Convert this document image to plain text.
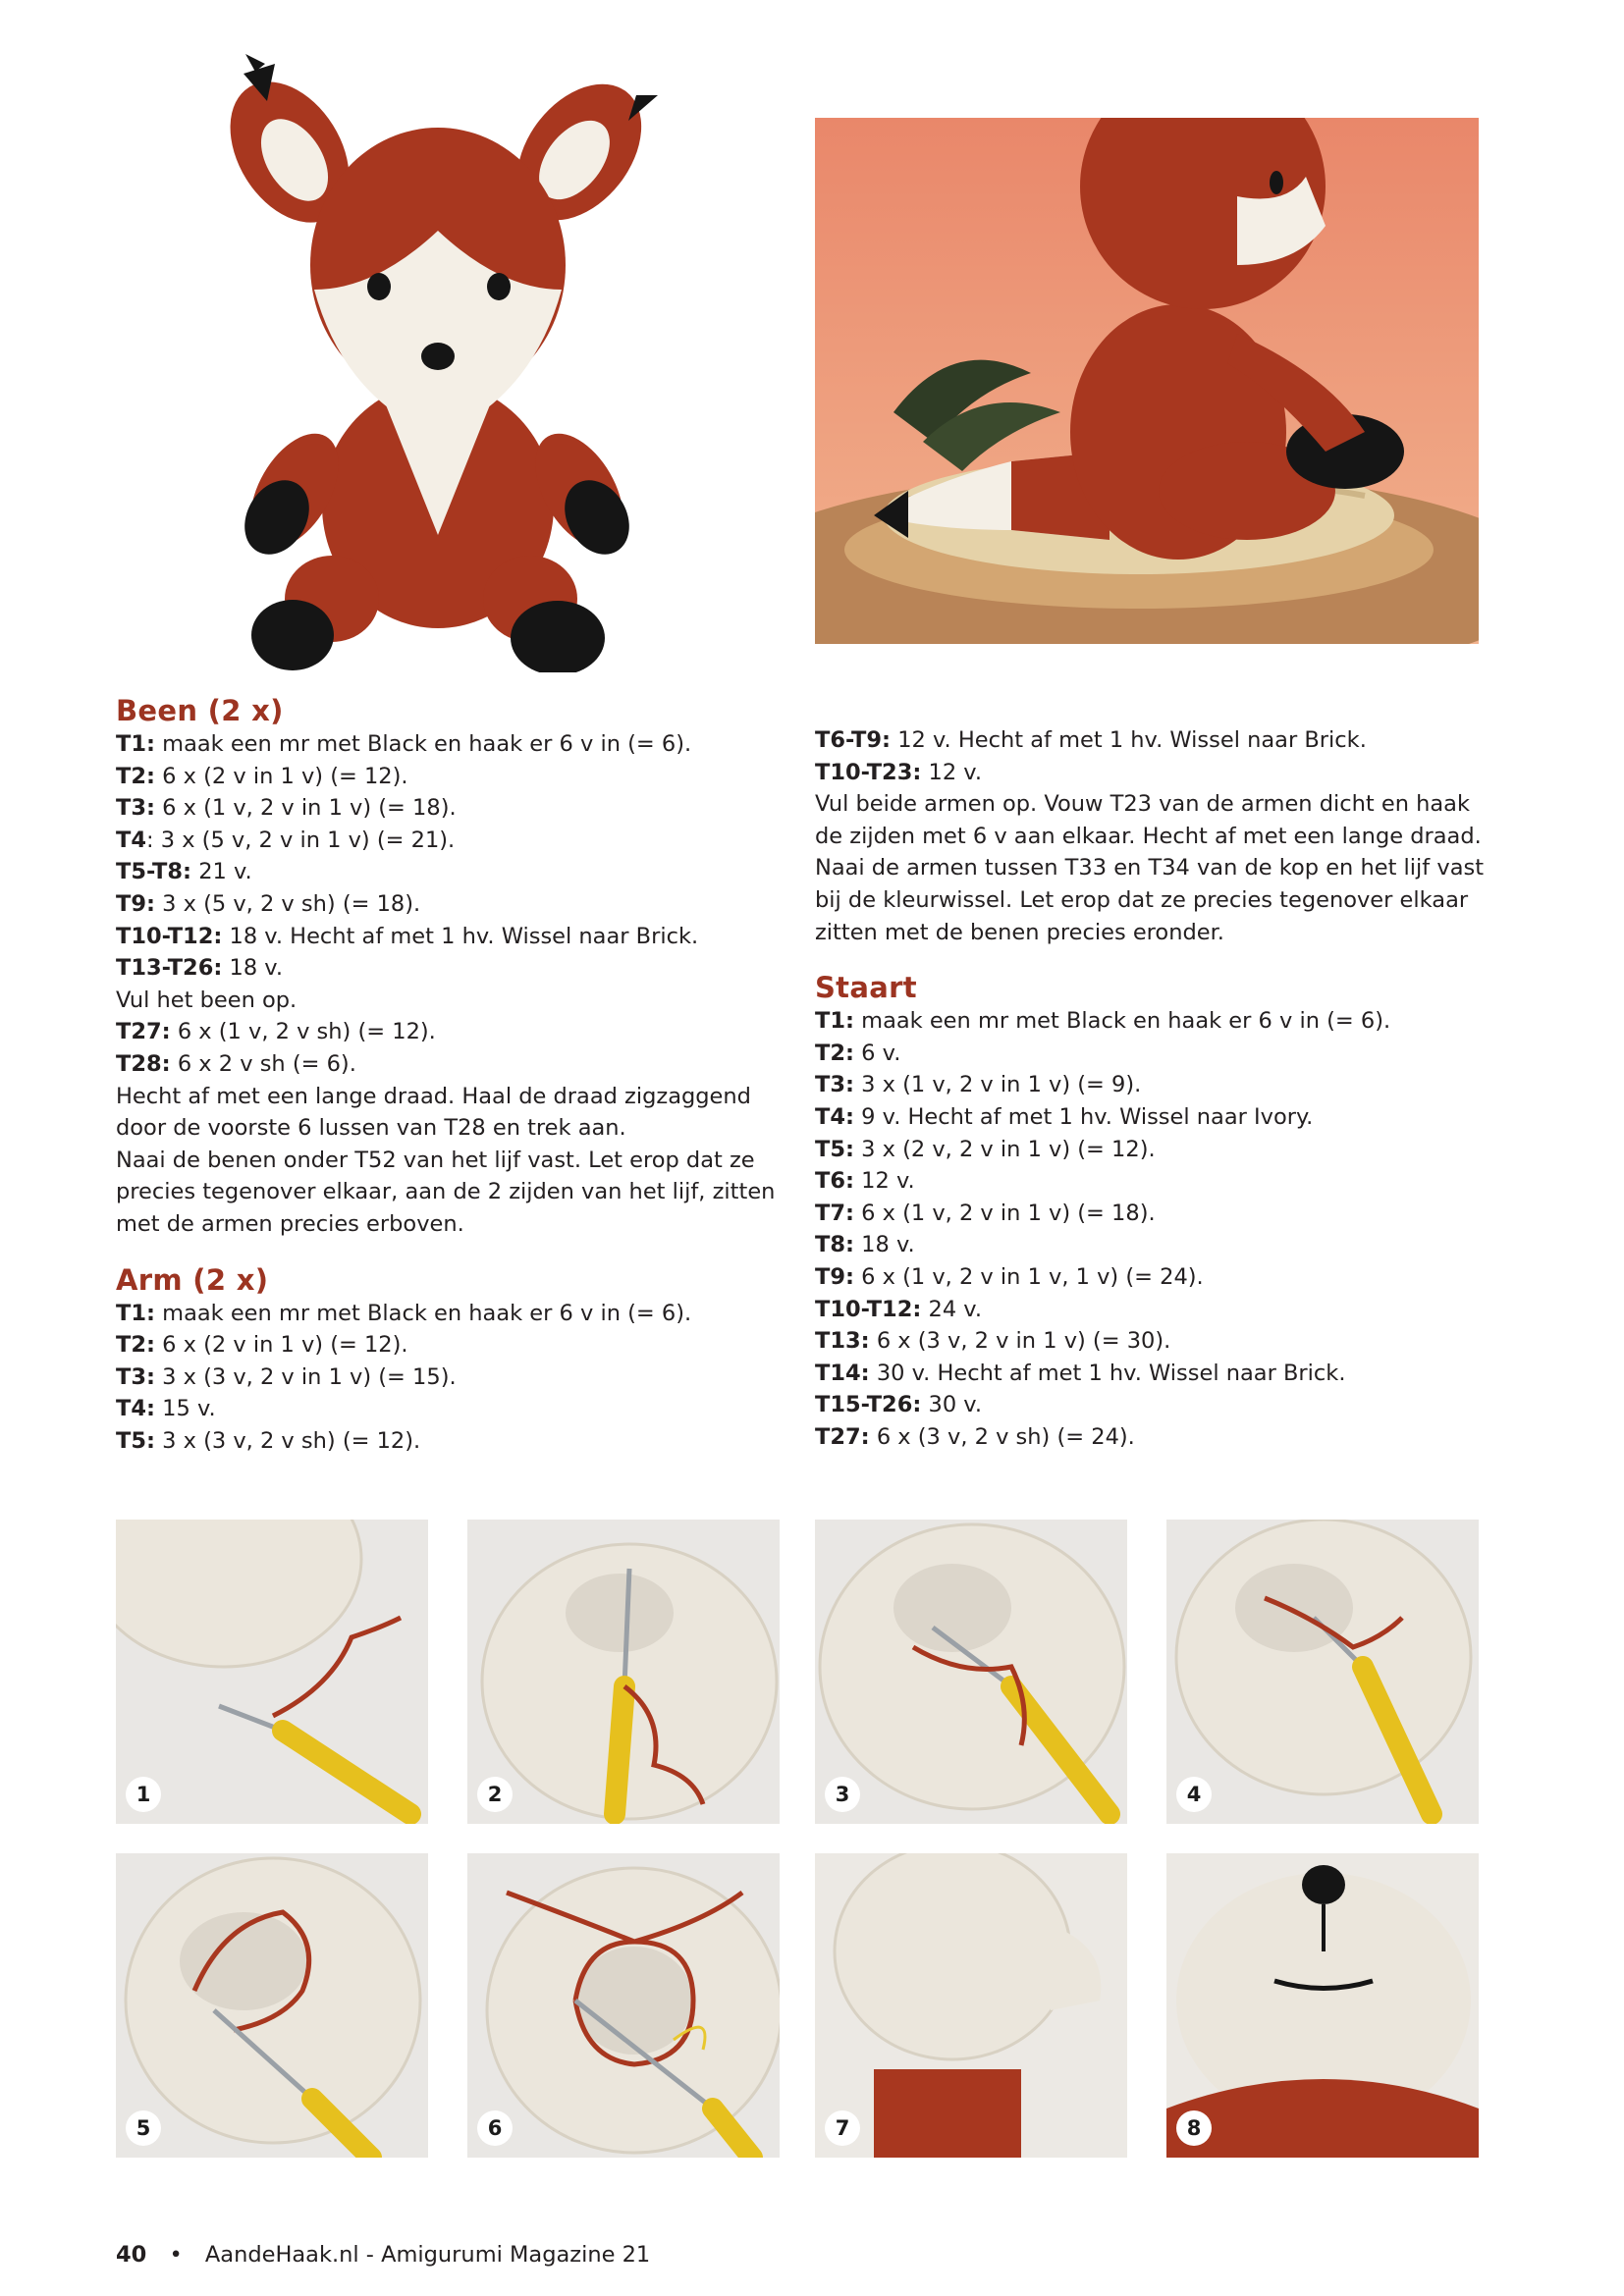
Been (2 x)
T1: maak een mr met Black en haak er 6 v in (= 6).
T2: 6 x (2 v in 1 v) (= 12).
T3: 6 x (1 v, 2 v in 1 v) (= 18).
T4: 3 x (5 v, 2 v in 1 v) (= 21).
T5-T8: 21 v.
T9: 3 x (5 v, 2 v sh) (= 18).
T10-T12: 18 v. Hecht af met 1 hv. Wissel naar Brick.
T13-T26: 18 v.
Vul het been op.
T27: 6 x (1 v, 2 v sh) (= 12).
T28: 6 x 2 v sh (= 6).
Hecht af met een lange draad. Haal de draad zigzaggend
door de voorste 6 lussen van T28 en trek aan.
Naai de benen onder T52 van het lijf vast. Let erop dat ze
precies tegenover elkaar, aan de 2 zijden van het lijf, zitten
met de armen precies erboven.
Arm (2 x)
T1: maak een mr met Black en haak er 6 v in (= 6).
T2: 6 x (2 v in 1 v) (= 12).
T3: 3 x (3 v, 2 v in 1 v) (= 15).
T4: 15 v.
T5: 3 x (3 v, 2 v sh) (= 12).
T6-T9: 12 v. Hecht af met 1 hv. Wissel naar Brick.
T10-T23: 12 v.
Vul beide armen op. Vouw T23 van de armen dicht en haak
de zijden met 6 v aan elkaar. Hecht af met een lange draad.
Naai de armen tussen T33 en T34 van de kop en het lijf vast
bij de kleurwissel. Let erop dat ze precies tegenover elkaar
zitten met de benen precies eronder.
Staart
T1: maak een mr met Black en haak er 6 v in (= 6).
T2: 6 v.
T3: 3 x (1 v, 2 v in 1 v) (= 9).
T4: 9 v. Hecht af met 1 hv. Wissel naar Ivory.
T5: 3 x (2 v, 2 v in 1 v) (= 12).
T6: 12 v.
T7: 6 x (1 v, 2 v in 1 v) (= 18).
T8: 18 v.
T9: 6 x (1 v, 2 v in 1 v, 1 v) (= 24).
T10-T12: 24 v.
T13: 6 x (3 v, 2 v in 1 v) (= 30).
T14: 30 v. Hecht af met 1 hv. Wissel naar Brick.
T15-T26: 30 v.
T27: 6 x (3 v, 2 v sh) (= 24).
1	2	3	4
5	6	7	8
40 • AandeHaak.nl - Amigurumi Magazine 21
